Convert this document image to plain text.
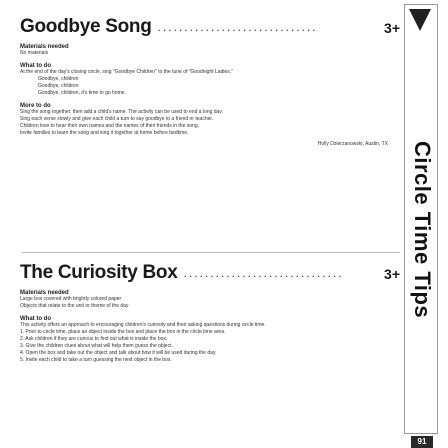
Goodbye Song ..............................	3+
Materials needed
No materials
What to do
At the end of the day's closing circle, sing "Goodbye Children" to the tune of "Goodnight Ladies."
Goodbye, children
Goodbye, children
Goodbye, children, it's time to go home.
More to do
Sing the song together, then add a child's name. The activity can be used to end a long day.
Sing each verse slowly and give each child a turn to say goodbye to a friend or teacher.
Children love to hear their own names and the names of their friends in the song.
Invite families to learn the song and sing it together at home before bedtime.
Holly Dzierzanowski, Austin, TX
The Curiosity Box ..............................	3+
Materials needed
Large box covered with brightly colored paper
Objects that relate to the unit or theme of the day
What to do
This activity offers an approach to encouraging children's curiosity and their asking questions during circle time.
1. Prior to circle time, place an object inside the box and place the box in the circle time area.
2. Ask children if they are curious to find out what is inside the box.
3. Give the children clues about what will help them guess the object.
4. Open the box and take out the object and talk about how it will be used during the day.
5. Invite each child to take a turn guessing the next object in the box.
Circle Time Tips
91
